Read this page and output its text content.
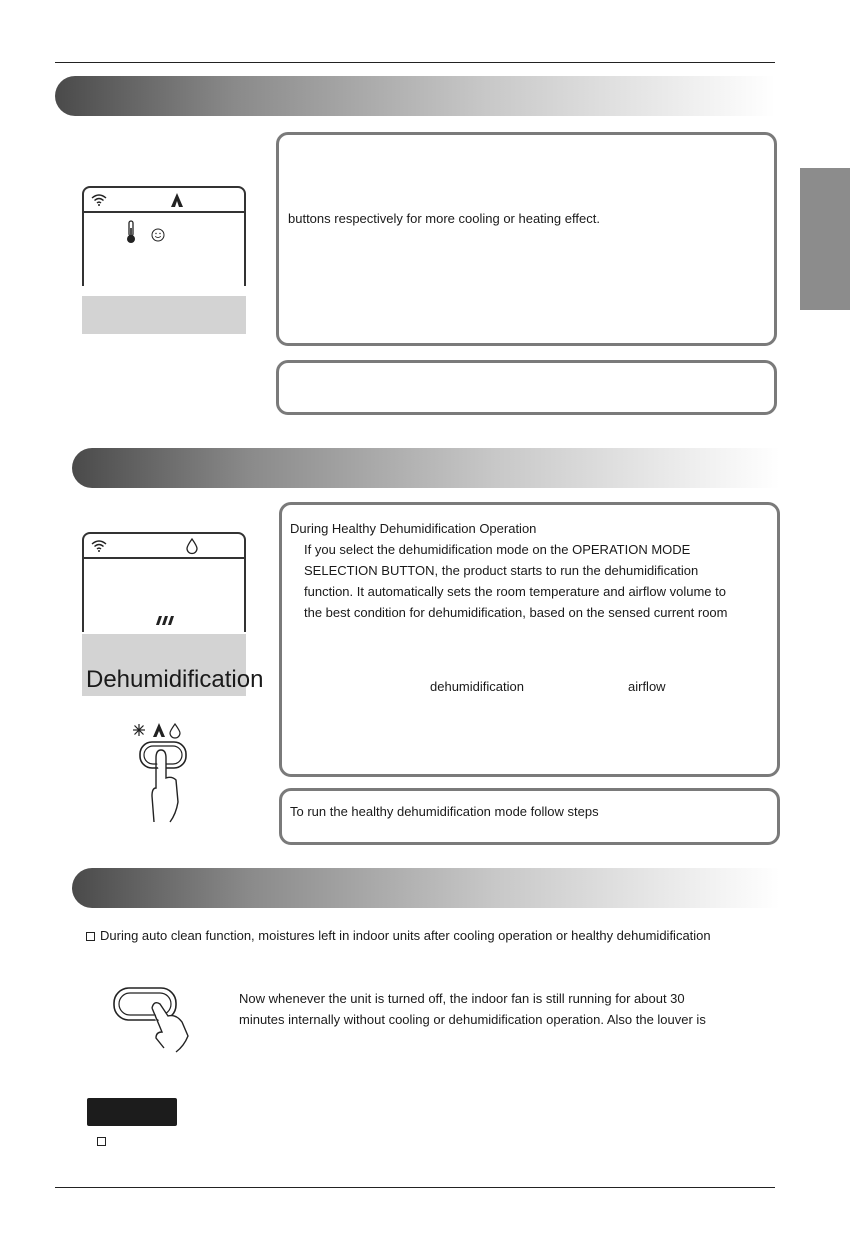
buttons respectively for more cooling or heating effect.
Dehumidification
During Healthy Dehumidification Operation
If you select the dehumidification mode on the OPERATION MODE
SELECTION BUTTON, the product starts to run the dehumidification
function. It automatically sets the room temperature and airflow volume to
the best condition for dehumidification, based on the sensed current room
dehumidification	airflow
To run the healthy dehumidification mode follow steps
During auto clean function, moistures left in indoor units after cooling operation or healthy dehumidification
Now whenever the unit is turned off, the indoor fan is still running for about 30
minutes internally without cooling or dehumidification operation. Also the louver is
